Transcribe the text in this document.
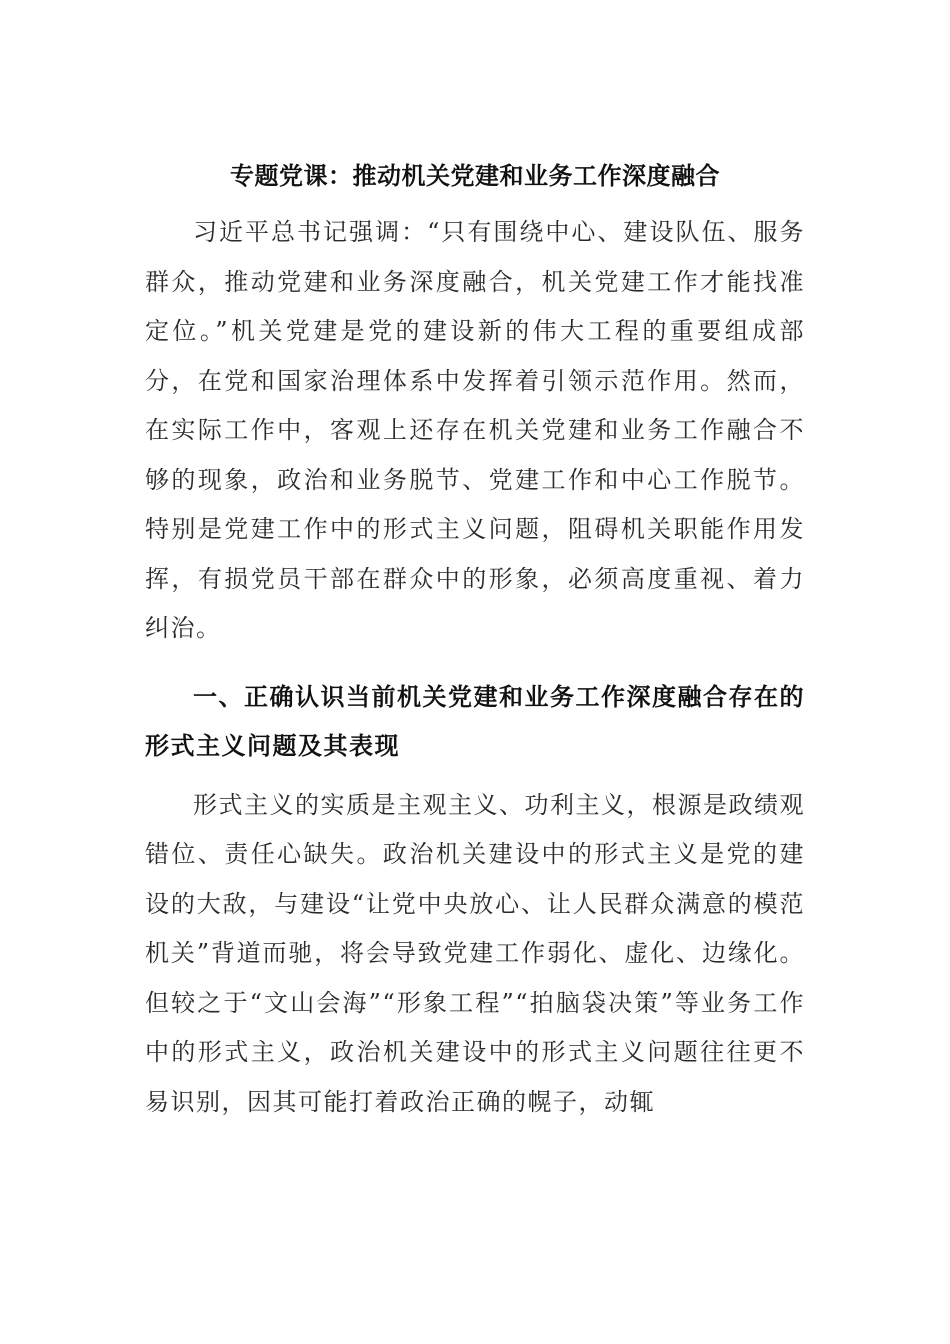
专题党课：推动机关党建和业务工作深度融合

习近平总书记强调：“只有围绕中心、建设队伍、服务群众，推动党建和业务深度融合，机关党建工作才能找准定位。”机关党建是党的建设新的伟大工程的重要组成部分，在党和国家治理体系中发挥着引领示范作用。然而，在实际工作中，客观上还存在机关党建和业务工作融合不够的现象，政治和业务脱节、党建工作和中心工作脱节。特别是党建工作中的形式主义问题，阻碍机关职能作用发挥，有损党员干部在群众中的形象，必须高度重视、着力纠治。

一、正确认识当前机关党建和业务工作深度融合存在的形式主义问题及其表现

形式主义的实质是主观主义、功利主义，根源是政绩观错位、责任心缺失。政治机关建设中的形式主义是党的建设的大敌，与建设“让党中央放心、让人民群众满意的模范机关”背道而驰，将会导致党建工作弱化、虚化、边缘化。但较之于“文山会海”“形象工程”“拍脑袋决策”等业务工作中的形式主义，政治机关建设中的形式主义问题往往更不易识别，因其可能打着政治正确的幌子，动辄
